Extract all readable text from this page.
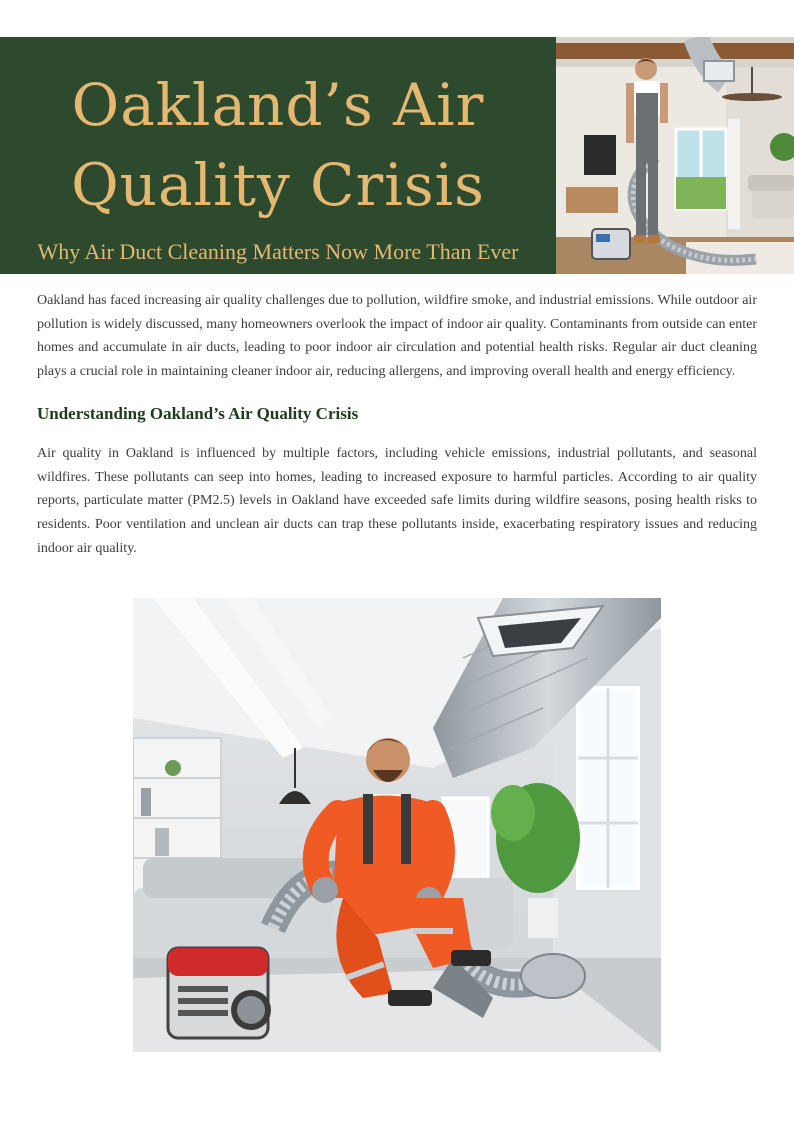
Oakland’s Air
Quality Crisis
Why Air Duct Cleaning Matters Now More Than Ever

Oakland has faced increasing air quality challenges due to pollution, wildfire smoke, and industrial emissions. While outdoor air pollution is widely discussed, many homeowners overlook the impact of indoor air quality. Contaminants from outside can enter homes and accumulate in air ducts, leading to poor indoor air circulation and potential health risks. Regular air duct cleaning plays a crucial role in maintaining cleaner indoor air, reducing allergens, and improving overall health and energy efficiency.

Understanding Oakland’s Air Quality Crisis

Air quality in Oakland is influenced by multiple factors, including vehicle emissions, industrial pollutants, and seasonal wildfires. These pollutants can seep into homes, leading to increased exposure to harmful particles. According to air quality reports, particulate matter (PM2.5) levels in Oakland have exceeded safe limits during wildfire seasons, posing health risks to residents. Poor ventilation and unclean air ducts can trap these pollutants inside, exacerbating respiratory issues and reducing indoor air quality.
